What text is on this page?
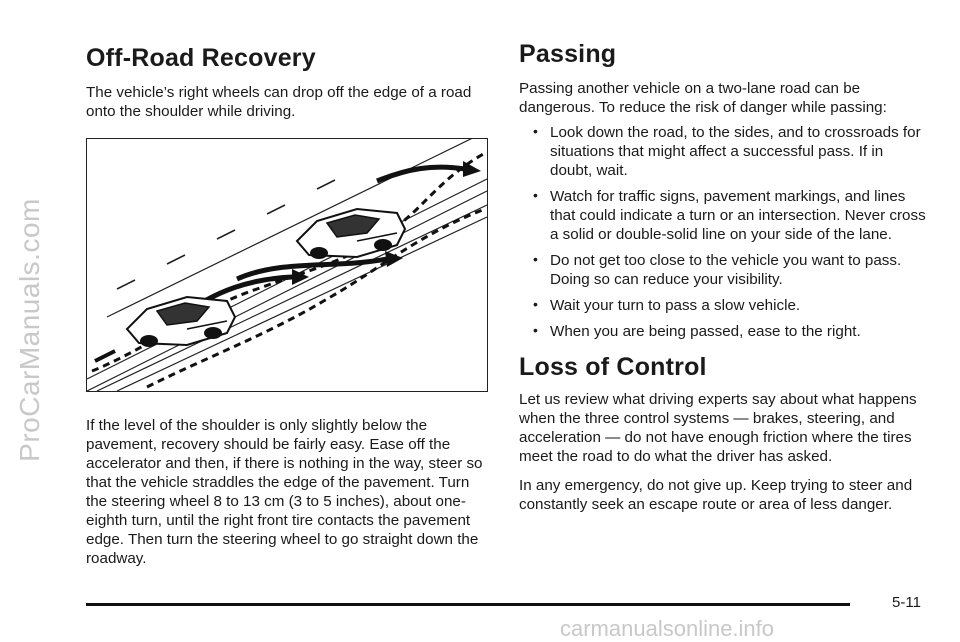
ProCarManuals.com
Off-Road Recovery

The vehicle’s right wheels can drop off the edge of a road onto the shoulder while driving.

If the level of the shoulder is only slightly below the pavement, recovery should be fairly easy. Ease off the accelerator and then, if there is nothing in the way, steer so that the vehicle straddles the edge of the pavement. Turn the steering wheel 8 to 13 cm (3 to 5 inches), about one-eighth turn, until the right front tire contacts the pavement edge. Then turn the steering wheel to go straight down the roadway.

Passing

Passing another vehicle on a two-lane road can be dangerous. To reduce the risk of danger while passing:

• Look down the road, to the sides, and to crossroads for situations that might affect a successful pass. If in doubt, wait.
• Watch for traffic signs, pavement markings, and lines that could indicate a turn or an intersection. Never cross a solid or double-solid line on your side of the lane.
• Do not get too close to the vehicle you want to pass. Doing so can reduce your visibility.
• Wait your turn to pass a slow vehicle.
• When you are being passed, ease to the right.
Loss of Control

Let us review what driving experts say about what happens when the three control systems — brakes, steering, and acceleration — do not have enough friction where the tires meet the road to do what the driver has asked.

In any emergency, do not give up. Keep trying to steer and constantly seek an escape route or area of less danger.

5-11
carmanualsonline.info
